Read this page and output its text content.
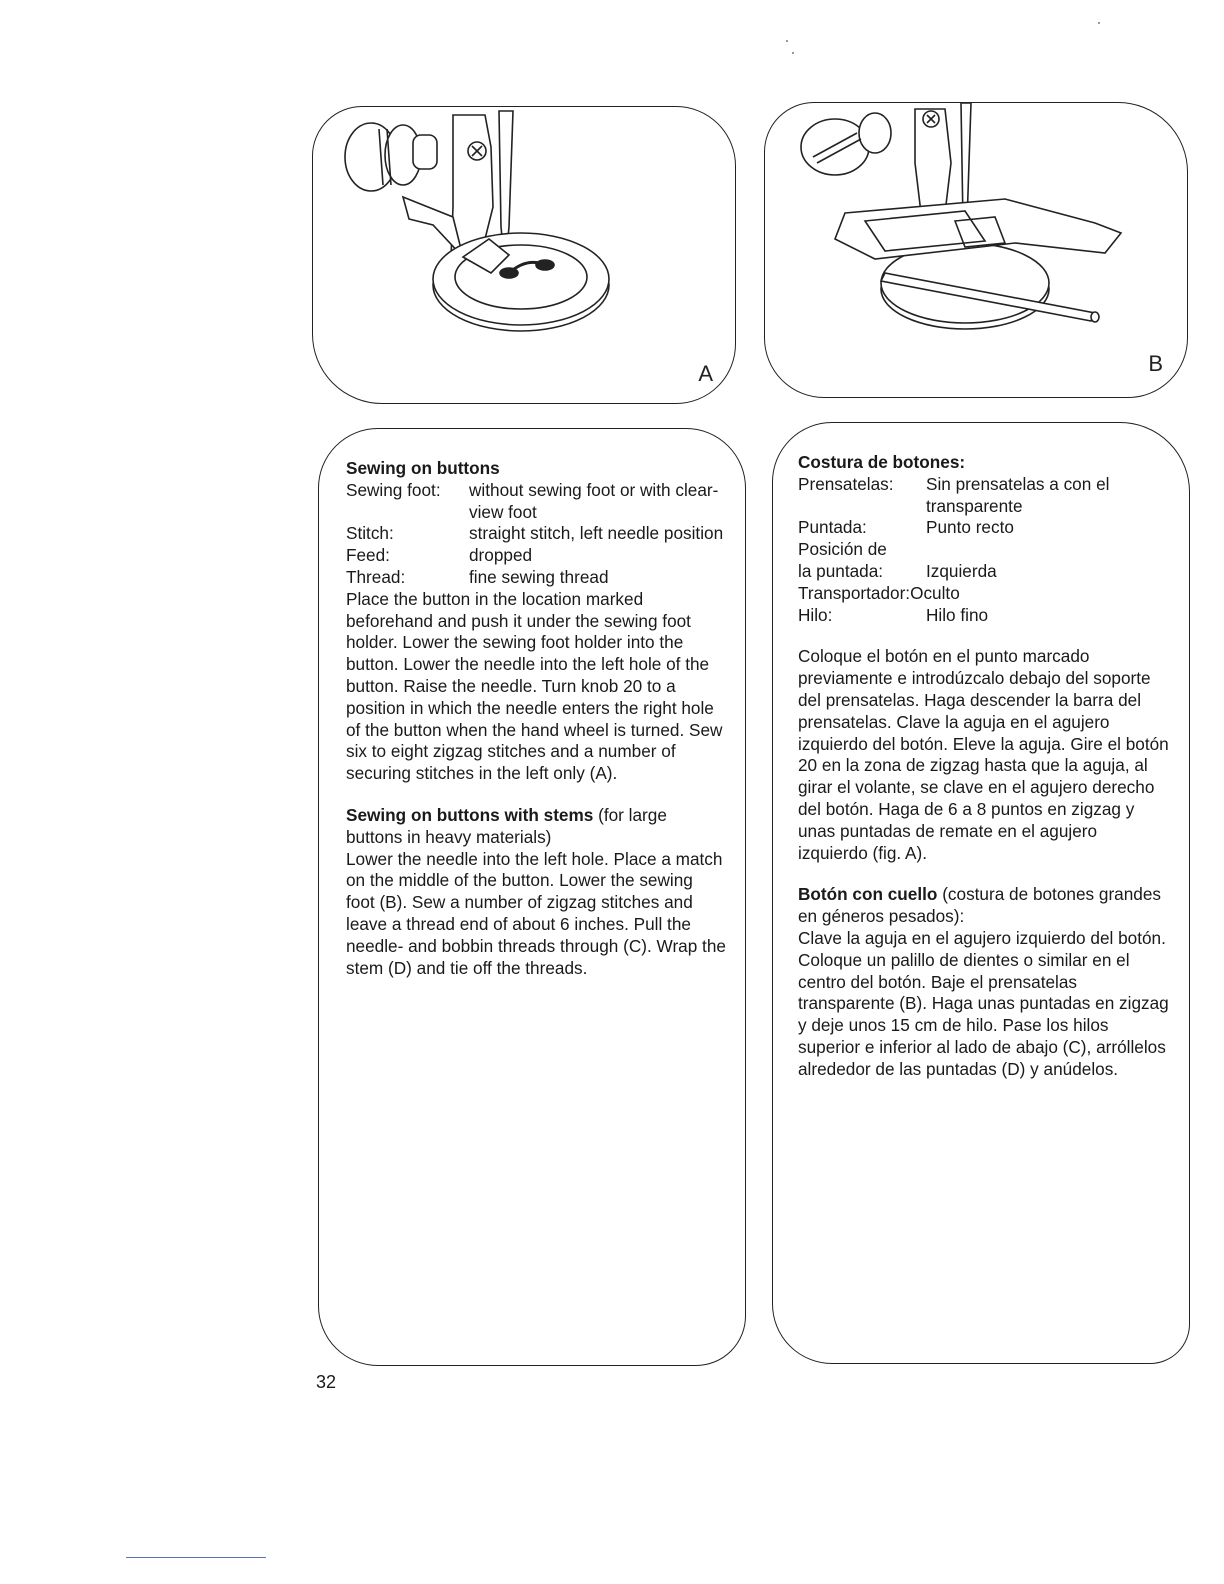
A	B

Sewing on buttons

Sewing foot:	without sewing foot or with clear-view foot
Stitch:	straight stitch, left needle position
Feed:	dropped
Thread:	fine sewing thread

Place the button in the location marked beforehand and push it under the sewing foot holder. Lower the sewing foot holder into the button. Lower the needle into the left hole of the button. Raise the needle. Turn knob 20 to a position in which the needle enters the right hole of the button when the hand wheel is turned. Sew six to eight zigzag stitches and a number of securing stitches in the left only (A).

Sewing on buttons with stems (for large buttons in heavy materials)

Lower the needle into the left hole. Place a match on the middle of the button. Lower the sewing foot (B). Sew a number of zigzag stitches and leave a thread end of about 6 inches. Pull the needle- and bobbin threads through (C). Wrap the stem (D) and tie off the threads.

Costura de botones:

Prensatelas:	Sin prensatelas a con el transparente
Puntada:	Punto recto
Posición de
la puntada:	Izquierda
Transportador: Oculto
Hilo:	Hilo fino

Coloque el botón en el punto marcado previamente e introdúzcalo debajo del soporte del prensatelas. Haga descender la barra del prensatelas. Clave la aguja en el agujero izquierdo del botón. Eleve la aguja. Gire el botón 20 en la zona de zigzag hasta que la aguja, al girar el volante, se clave en el agujero derecho del botón. Haga de 6 a 8 puntos en zigzag y unas puntadas de remate en el agujero izquierdo (fig. A).

Botón con cuello (costura de botones grandes en géneros pesados):

Clave la aguja en el agujero izquierdo del botón. Coloque un palillo de dientes o similar en el centro del botón. Baje el prensatelas transparente (B). Haga unas puntadas en zigzag y deje unos 15 cm de hilo. Pase los hilos superior e inferior al lado de abajo (C), arróllelos alrededor de las puntadas (D) y anúdelos.

32
